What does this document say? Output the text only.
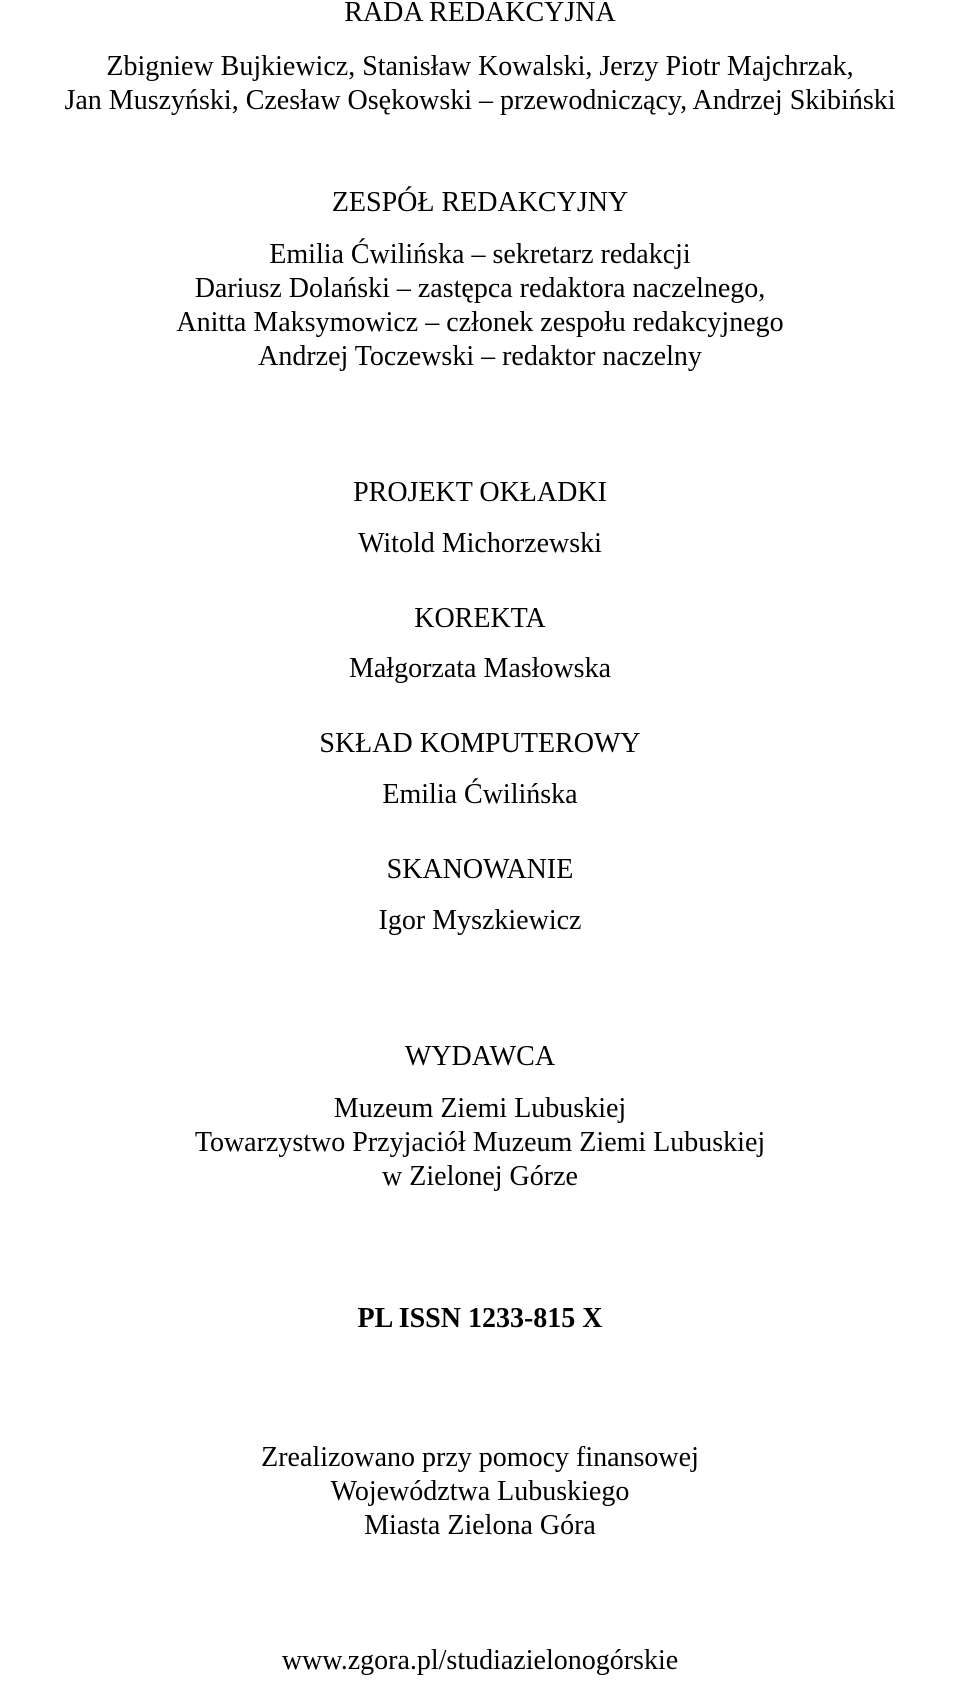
RADA REDAKCYJNA
Zbigniew Bujkiewicz, Stanisław Kowalski, Jerzy Piotr Majchrzak,
Jan Muszyński, Czesław Osękowski – przewodniczący, Andrzej Skibiński
ZESPÓŁ REDAKCYJNY
Emilia Ćwilińska – sekretarz redakcji
Dariusz Dolański – zastępca redaktora naczelnego,
Anitta Maksymowicz – członek zespołu redakcyjnego
Andrzej Toczewski – redaktor naczelny
PROJEKT OKŁADKI
Witold Michorzewski
KOREKTA
Małgorzata Masłowska
SKŁAD KOMPUTEROWY
Emilia Ćwilińska
SKANOWANIE
Igor Myszkiewicz
WYDAWCA
Muzeum Ziemi Lubuskiej
Towarzystwo Przyjaciół Muzeum Ziemi Lubuskiej
w Zielonej Górze
PL ISSN 1233-815 X
Zrealizowano przy pomocy finansowej
Województwa Lubuskiego
Miasta Zielona Góra
www.zgora.pl/studiazielonogórskie
